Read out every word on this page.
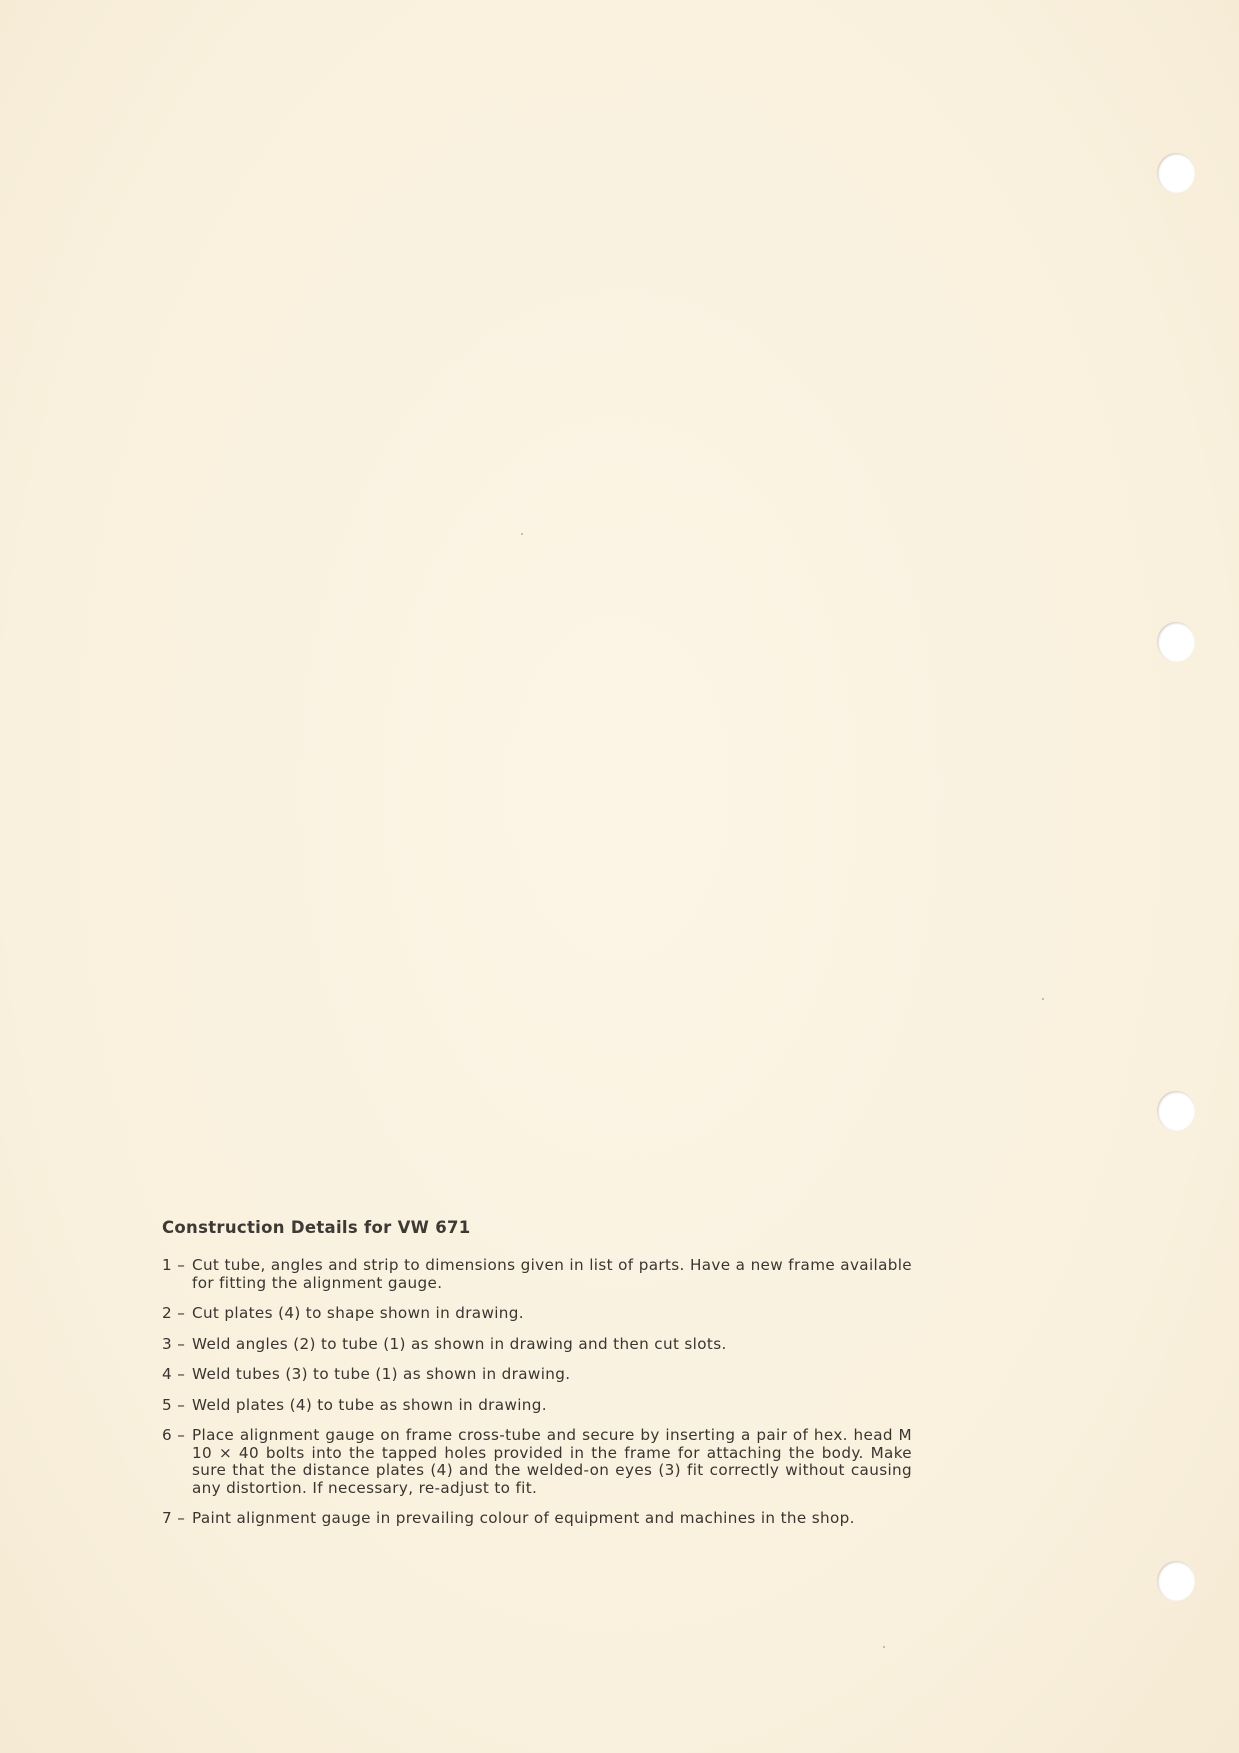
Construction Details for VW 671
1 – Cut tube, angles and strip to dimensions given in list of parts. Have a new frame available for fitting the alignment gauge.
2 – Cut plates (4) to shape shown in drawing.
3 – Weld angles (2) to tube (1) as shown in drawing and then cut slots.
4 – Weld tubes (3) to tube (1) as shown in drawing.
5 – Weld plates (4) to tube as shown in drawing.
6 – Place alignment gauge on frame cross-tube and secure by inserting a pair of hex. head M 10 × 40 bolts into the tapped holes provided in the frame for attaching the body. Make sure that the distance plates (4) and the welded-on eyes (3) fit correctly without causing any distortion. If necessary, re-adjust to fit.
7 – Paint alignment gauge in prevailing colour of equipment and machines in the shop.
